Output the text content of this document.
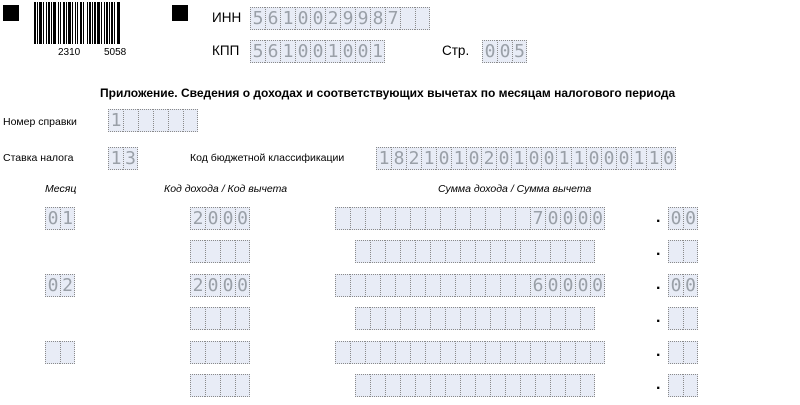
2310 5058
ИНН 5 6 1 0 0 2 9 9 8 7
КПП 5 6 1 0 0 1 0 0 1	Стр. 0 0 5
Приложение. Сведения о доходах и соответствующих вычетах по месяцам налогового периода
Номер справки 1
Ставка налога 1 3	Код бюджетной классификации 1 8 2 1 0 1 0 2 0 1 0 0 1 1 0 0 0 1 1 0
Месяц	Код дохода / Код вычета	Сумма дохода / Сумма вычета
0 1	2 0 0 0	7 0 0 0 0	. 0 0
.
0 2	2 0 0 0	6 0 0 0 0	. 0 0
.
.
.
